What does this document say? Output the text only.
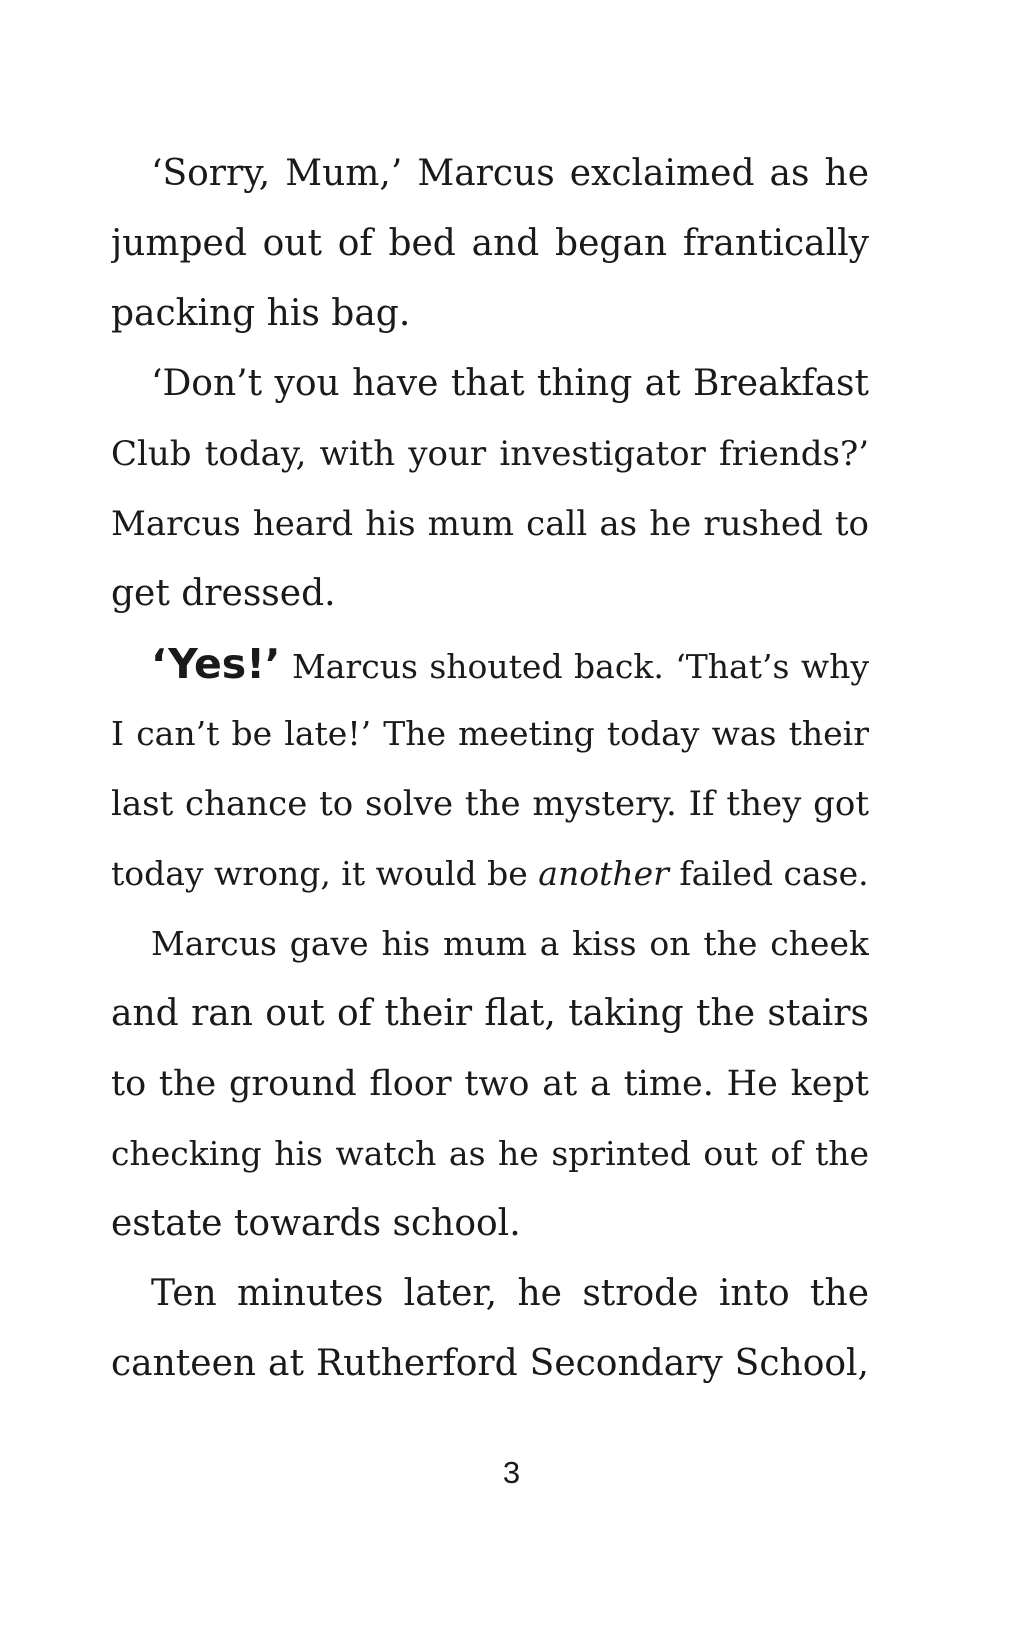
‘Sorry, Mum,’ Marcus exclaimed as he
jumped out of bed and began frantically
packing his bag.
‘Don’t you have that thing at Breakfast
Club today, with your investigator friends?’
Marcus heard his mum call as he rushed to
get dressed.
‘Yes!’ Marcus shouted back. ‘That’s why
I can’t be late!’ The meeting today was their
last chance to solve the mystery. If they got
today wrong, it would be another failed case.
Marcus gave his mum a kiss on the cheek
and ran out of their flat, taking the stairs
to the ground floor two at a time. He kept
checking his watch as he sprinted out of the
estate towards school.
Ten minutes later, he strode into the
canteen at Rutherford Secondary School,
3
